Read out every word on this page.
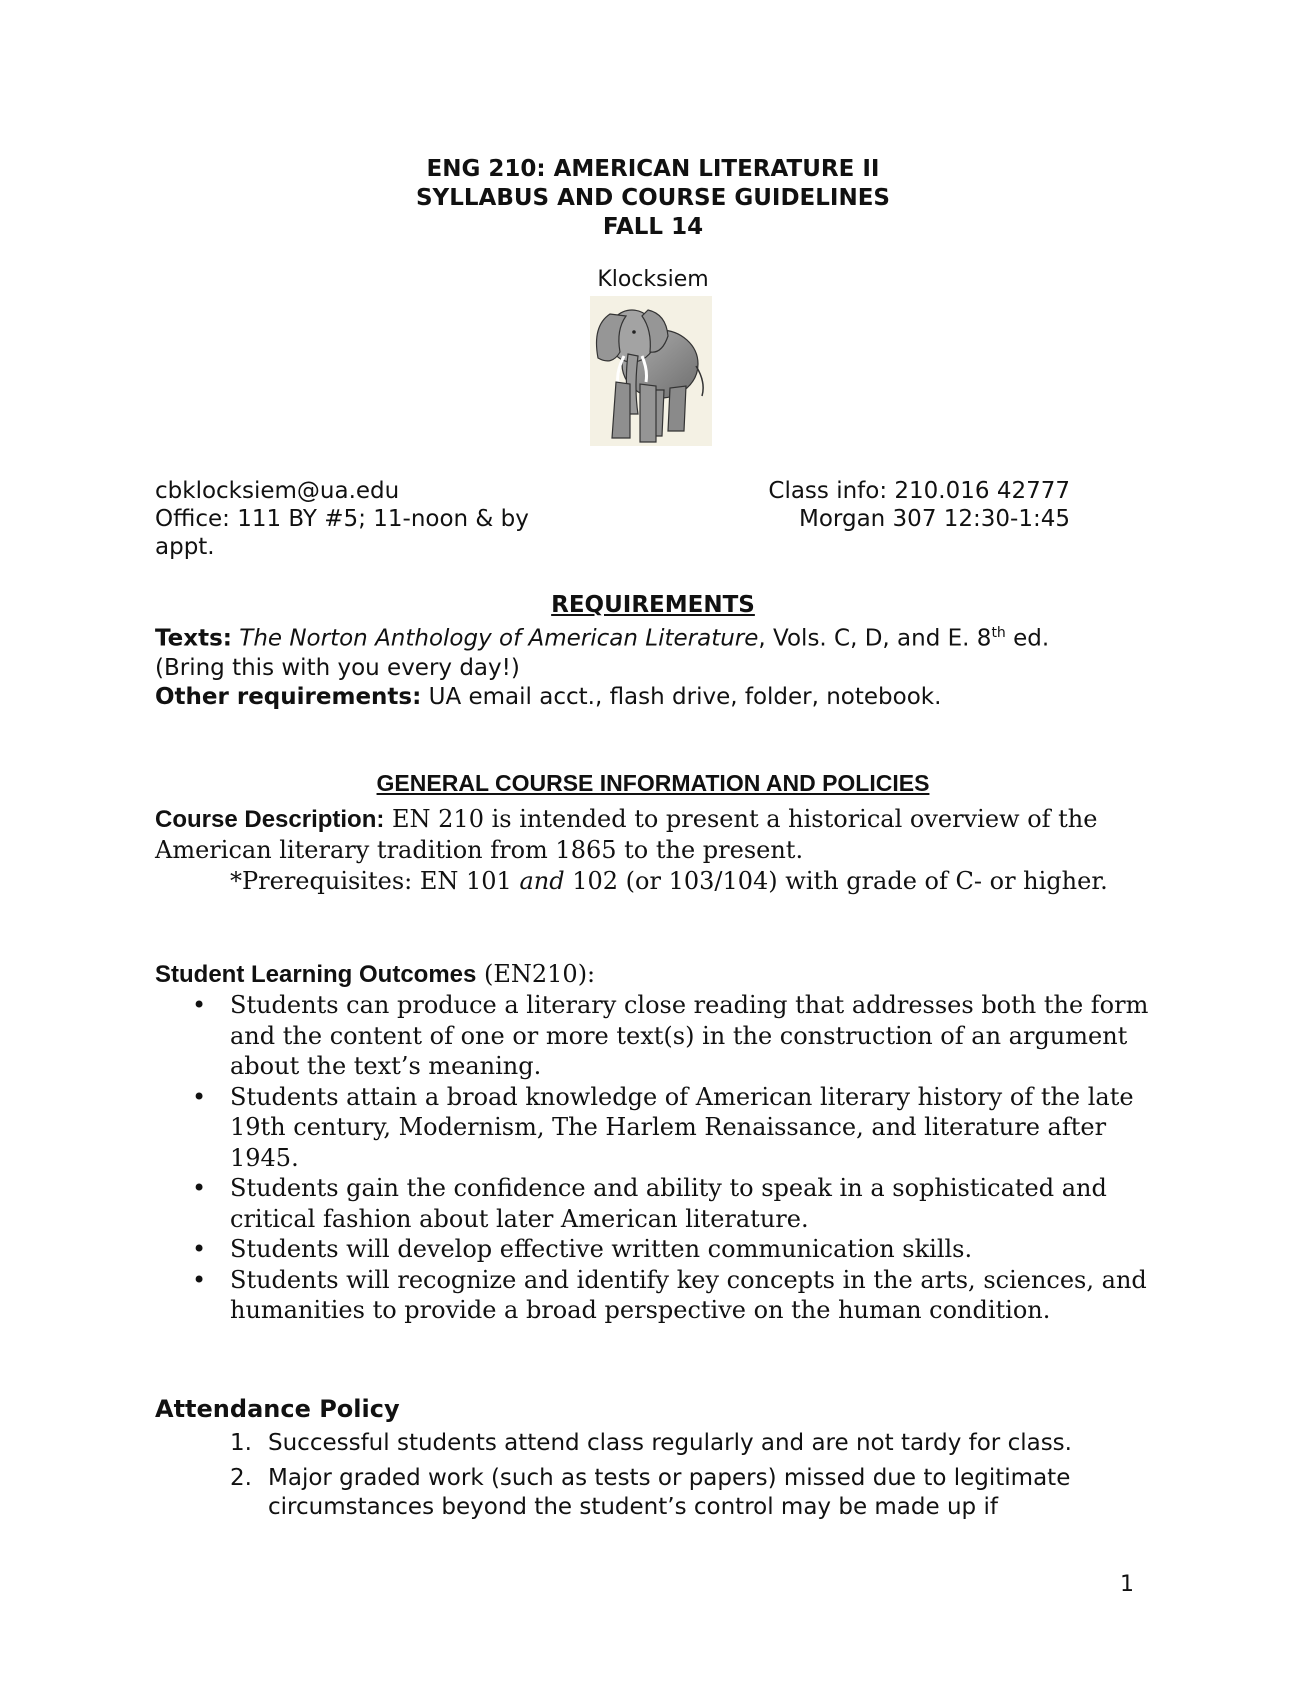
ENG 210: AMERICAN LITERATURE II
SYLLABUS AND COURSE GUIDELINES
FALL 14
Klocksiem
cbklocksiem@ua.edu
Office: 111 BY #5; 11-noon & by appt.
Class info: 210.016 42777
Morgan 307 12:30-1:45
REQUIREMENTS
Texts: The Norton Anthology of American Literature, Vols. C, D, and E. 8th ed.
(Bring this with you every day!)
Other requirements: UA email acct., flash drive, folder, notebook.
GENERAL COURSE INFORMATION AND POLICIES
Course Description: EN 210 is intended to present a historical overview of the American literary tradition from 1865 to the present.
*Prerequisites: EN 101 and 102 (or 103/104) with grade of C- or higher.
Student Learning Outcomes (EN210):
• Students can produce a literary close reading that addresses both the form and the content of one or more text(s) in the construction of an argument about the text’s meaning.
• Students attain a broad knowledge of American literary history of the late 19th century, Modernism, The Harlem Renaissance, and literature after 1945.
• Students gain the confidence and ability to speak in a sophisticated and critical fashion about later American literature.
• Students will develop effective written communication skills.
• Students will recognize and identify key concepts in the arts, sciences, and humanities to provide a broad perspective on the human condition.
Attendance Policy
1. Successful students attend class regularly and are not tardy for class.
2. Major graded work (such as tests or papers) missed due to legitimate circumstances beyond the student’s control may be made up if
1
